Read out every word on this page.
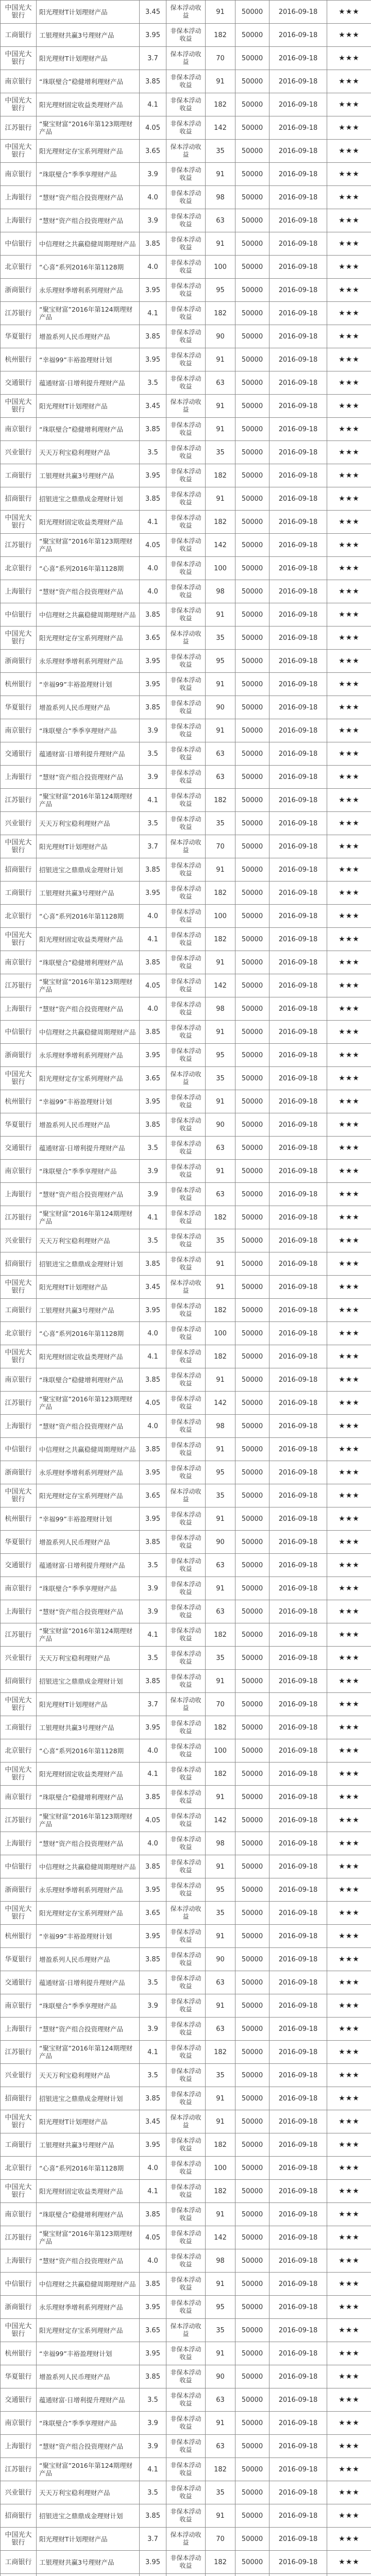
中国光大银行	阳光理财T计划理财产品	3.45	保本浮动收益	91	50000	2016-09-18	★★★
工商银行	工银理财共赢3号理财产品	3.95	非保本浮动收益	182	50000	2016-09-18	★★★
中国光大银行	阳光理财T计划理财产品	3.7	保本浮动收益	70	50000	2016-09-18	★★★
南京银行	“珠联璧合”稳健增利理财产品	3.85	非保本浮动收益	91	50000	2016-09-18	★★★
中国光大银行	阳光理财固定收益类理财产品	4.1	非保本浮动收益	182	50000	2016-09-18	★★★
江苏银行	“聚宝财富”2016年第123期理财产品	4.05	非保本浮动收益	142	50000	2016-09-18	★★★
中国光大银行	阳光理财定存宝系列理财产品	3.65	保本浮动收益	35	50000	2016-09-18	★★★
南京银行	“珠联璧合”季季享理财产品	3.9	非保本浮动收益	91	50000	2016-09-18	★★★
上海银行	“慧财”资产组合投资理财产品	4.0	非保本浮动收益	98	50000	2016-09-18	★★★
上海银行	“慧财”资产组合投资理财产品	3.9	非保本浮动收益	63	50000	2016-09-18	★★★
中信银行	中信理财之共赢稳健周期理财产品	3.85	非保本浮动收益	91	50000	2016-09-18	★★★
北京银行	“心喜”系列2016年第1128期	4.0	非保本浮动收益	100	50000	2016-09-18	★★★
浙商银行	永乐理财季增利系列理财产品	3.95	非保本浮动收益	95	50000	2016-09-18	★★★
江苏银行	“聚宝财富”2016年第124期理财产品	4.1	非保本浮动收益	182	50000	2016-09-18	★★★
华夏银行	增盈系列人民币理财产品	3.85	非保本浮动收益	90	50000	2016-09-18	★★★
杭州银行	“幸福99”丰裕盈理财计划	3.95	非保本浮动收益	91	50000	2016-09-18	★★★
交通银行	蕴通财富·日增利提升理财产品	3.5	非保本浮动收益	63	50000	2016-09-18	★★★
中国光大银行	阳光理财T计划理财产品	3.45	保本浮动收益	91	50000	2016-09-18	★★★
南京银行	“珠联璧合”稳健增利理财产品	3.85	非保本浮动收益	91	50000	2016-09-18	★★★
兴业银行	天天万利宝稳利理财产品	3.5	非保本浮动收益	35	50000	2016-09-18	★★★
工商银行	工银理财共赢3号理财产品	3.95	非保本浮动收益	182	50000	2016-09-18	★★★
招商银行	招银进宝之鼎鼎成金理财计划	3.85	非保本浮动收益	91	50000	2016-09-18	★★★
中国光大银行	阳光理财固定收益类理财产品	4.1	非保本浮动收益	182	50000	2016-09-18	★★★
江苏银行	“聚宝财富”2016年第123期理财产品	4.05	非保本浮动收益	142	50000	2016-09-18	★★★
北京银行	“心喜”系列2016年第1128期	4.0	非保本浮动收益	100	50000	2016-09-18	★★★
上海银行	“慧财”资产组合投资理财产品	4.0	非保本浮动收益	98	50000	2016-09-18	★★★
中信银行	中信理财之共赢稳健周期理财产品	3.85	非保本浮动收益	91	50000	2016-09-18	★★★
中国光大银行	阳光理财定存宝系列理财产品	3.65	保本浮动收益	35	50000	2016-09-18	★★★
浙商银行	永乐理财季增利系列理财产品	3.95	非保本浮动收益	95	50000	2016-09-18	★★★
杭州银行	“幸福99”丰裕盈理财计划	3.95	非保本浮动收益	91	50000	2016-09-18	★★★
华夏银行	增盈系列人民币理财产品	3.85	非保本浮动收益	90	50000	2016-09-18	★★★
南京银行	“珠联璧合”季季享理财产品	3.9	非保本浮动收益	91	50000	2016-09-18	★★★
交通银行	蕴通财富·日增利提升理财产品	3.5	非保本浮动收益	63	50000	2016-09-18	★★★
上海银行	“慧财”资产组合投资理财产品	3.9	非保本浮动收益	63	50000	2016-09-18	★★★
江苏银行	“聚宝财富”2016年第124期理财产品	4.1	非保本浮动收益	182	50000	2016-09-18	★★★
兴业银行	天天万利宝稳利理财产品	3.5	非保本浮动收益	35	50000	2016-09-18	★★★
中国光大银行	阳光理财T计划理财产品	3.7	保本浮动收益	70	50000	2016-09-18	★★★
招商银行	招银进宝之鼎鼎成金理财计划	3.85	非保本浮动收益	91	50000	2016-09-18	★★★
工商银行	工银理财共赢3号理财产品	3.95	非保本浮动收益	182	50000	2016-09-18	★★★
北京银行	“心喜”系列2016年第1128期	4.0	非保本浮动收益	100	50000	2016-09-18	★★★
中国光大银行	阳光理财固定收益类理财产品	4.1	非保本浮动收益	182	50000	2016-09-18	★★★
南京银行	“珠联璧合”稳健增利理财产品	3.85	非保本浮动收益	91	50000	2016-09-18	★★★
江苏银行	“聚宝财富”2016年第123期理财产品	4.05	非保本浮动收益	142	50000	2016-09-18	★★★
上海银行	“慧财”资产组合投资理财产品	4.0	非保本浮动收益	98	50000	2016-09-18	★★★
中信银行	中信理财之共赢稳健周期理财产品	3.85	非保本浮动收益	91	50000	2016-09-18	★★★
浙商银行	永乐理财季增利系列理财产品	3.95	非保本浮动收益	95	50000	2016-09-18	★★★
中国光大银行	阳光理财定存宝系列理财产品	3.65	保本浮动收益	35	50000	2016-09-18	★★★
杭州银行	“幸福99”丰裕盈理财计划	3.95	非保本浮动收益	91	50000	2016-09-18	★★★
华夏银行	增盈系列人民币理财产品	3.85	非保本浮动收益	90	50000	2016-09-18	★★★
交通银行	蕴通财富·日增利提升理财产品	3.5	非保本浮动收益	63	50000	2016-09-18	★★★
南京银行	“珠联璧合”季季享理财产品	3.9	非保本浮动收益	91	50000	2016-09-18	★★★
上海银行	“慧财”资产组合投资理财产品	3.9	非保本浮动收益	63	50000	2016-09-18	★★★
江苏银行	“聚宝财富”2016年第124期理财产品	4.1	非保本浮动收益	182	50000	2016-09-18	★★★
兴业银行	天天万利宝稳利理财产品	3.5	非保本浮动收益	35	50000	2016-09-18	★★★
招商银行	招银进宝之鼎鼎成金理财计划	3.85	非保本浮动收益	91	50000	2016-09-18	★★★
中国光大银行	阳光理财T计划理财产品	3.45	保本浮动收益	91	50000	2016-09-18	★★★
工商银行	工银理财共赢3号理财产品	3.95	非保本浮动收益	182	50000	2016-09-18	★★★
北京银行	“心喜”系列2016年第1128期	4.0	非保本浮动收益	100	50000	2016-09-18	★★★
中国光大银行	阳光理财固定收益类理财产品	4.1	非保本浮动收益	182	50000	2016-09-18	★★★
南京银行	“珠联璧合”稳健增利理财产品	3.85	非保本浮动收益	91	50000	2016-09-18	★★★
江苏银行	“聚宝财富”2016年第123期理财产品	4.05	非保本浮动收益	142	50000	2016-09-18	★★★
上海银行	“慧财”资产组合投资理财产品	4.0	非保本浮动收益	98	50000	2016-09-18	★★★
中信银行	中信理财之共赢稳健周期理财产品	3.85	非保本浮动收益	91	50000	2016-09-18	★★★
浙商银行	永乐理财季增利系列理财产品	3.95	非保本浮动收益	95	50000	2016-09-18	★★★
中国光大银行	阳光理财定存宝系列理财产品	3.65	保本浮动收益	35	50000	2016-09-18	★★★
杭州银行	“幸福99”丰裕盈理财计划	3.95	非保本浮动收益	91	50000	2016-09-18	★★★
华夏银行	增盈系列人民币理财产品	3.85	非保本浮动收益	90	50000	2016-09-18	★★★
交通银行	蕴通财富·日增利提升理财产品	3.5	非保本浮动收益	63	50000	2016-09-18	★★★
南京银行	“珠联璧合”季季享理财产品	3.9	非保本浮动收益	91	50000	2016-09-18	★★★
上海银行	“慧财”资产组合投资理财产品	3.9	非保本浮动收益	63	50000	2016-09-18	★★★
江苏银行	“聚宝财富”2016年第124期理财产品	4.1	非保本浮动收益	182	50000	2016-09-18	★★★
兴业银行	天天万利宝稳利理财产品	3.5	非保本浮动收益	35	50000	2016-09-18	★★★
招商银行	招银进宝之鼎鼎成金理财计划	3.85	非保本浮动收益	91	50000	2016-09-18	★★★
中国光大银行	阳光理财T计划理财产品	3.7	保本浮动收益	70	50000	2016-09-18	★★★
工商银行	工银理财共赢3号理财产品	3.95	非保本浮动收益	182	50000	2016-09-18	★★★
北京银行	“心喜”系列2016年第1128期	4.0	非保本浮动收益	100	50000	2016-09-18	★★★
中国光大银行	阳光理财固定收益类理财产品	4.1	非保本浮动收益	182	50000	2016-09-18	★★★
南京银行	“珠联璧合”稳健增利理财产品	3.85	非保本浮动收益	91	50000	2016-09-18	★★★
江苏银行	“聚宝财富”2016年第123期理财产品	4.05	非保本浮动收益	142	50000	2016-09-18	★★★
上海银行	“慧财”资产组合投资理财产品	4.0	非保本浮动收益	98	50000	2016-09-18	★★★
中信银行	中信理财之共赢稳健周期理财产品	3.85	非保本浮动收益	91	50000	2016-09-18	★★★
浙商银行	永乐理财季增利系列理财产品	3.95	非保本浮动收益	95	50000	2016-09-18	★★★
中国光大银行	阳光理财定存宝系列理财产品	3.65	保本浮动收益	35	50000	2016-09-18	★★★
杭州银行	“幸福99”丰裕盈理财计划	3.95	非保本浮动收益	91	50000	2016-09-18	★★★
华夏银行	增盈系列人民币理财产品	3.85	非保本浮动收益	90	50000	2016-09-18	★★★
交通银行	蕴通财富·日增利提升理财产品	3.5	非保本浮动收益	63	50000	2016-09-18	★★★
南京银行	“珠联璧合”季季享理财产品	3.9	非保本浮动收益	91	50000	2016-09-18	★★★
上海银行	“慧财”资产组合投资理财产品	3.9	非保本浮动收益	63	50000	2016-09-18	★★★
江苏银行	“聚宝财富”2016年第124期理财产品	4.1	非保本浮动收益	182	50000	2016-09-18	★★★
兴业银行	天天万利宝稳利理财产品	3.5	非保本浮动收益	35	50000	2016-09-18	★★★
招商银行	招银进宝之鼎鼎成金理财计划	3.85	非保本浮动收益	91	50000	2016-09-18	★★★
中国光大银行	阳光理财T计划理财产品	3.45	保本浮动收益	91	50000	2016-09-18	★★★
工商银行	工银理财共赢3号理财产品	3.95	非保本浮动收益	182	50000	2016-09-18	★★★
北京银行	“心喜”系列2016年第1128期	4.0	非保本浮动收益	100	50000	2016-09-18	★★★
中国光大银行	阳光理财固定收益类理财产品	4.1	非保本浮动收益	182	50000	2016-09-18	★★★
南京银行	“珠联璧合”稳健增利理财产品	3.85	非保本浮动收益	91	50000	2016-09-18	★★★
江苏银行	“聚宝财富”2016年第123期理财产品	4.05	非保本浮动收益	142	50000	2016-09-18	★★★
上海银行	“慧财”资产组合投资理财产品	4.0	非保本浮动收益	98	50000	2016-09-18	★★★
中信银行	中信理财之共赢稳健周期理财产品	3.85	非保本浮动收益	91	50000	2016-09-18	★★★
浙商银行	永乐理财季增利系列理财产品	3.95	非保本浮动收益	95	50000	2016-09-18	★★★
中国光大银行	阳光理财定存宝系列理财产品	3.65	保本浮动收益	35	50000	2016-09-18	★★★
杭州银行	“幸福99”丰裕盈理财计划	3.95	非保本浮动收益	91	50000	2016-09-18	★★★
华夏银行	增盈系列人民币理财产品	3.85	非保本浮动收益	90	50000	2016-09-18	★★★
交通银行	蕴通财富·日增利提升理财产品	3.5	非保本浮动收益	63	50000	2016-09-18	★★★
南京银行	“珠联璧合”季季享理财产品	3.9	非保本浮动收益	91	50000	2016-09-18	★★★
上海银行	“慧财”资产组合投资理财产品	3.9	非保本浮动收益	63	50000	2016-09-18	★★★
江苏银行	“聚宝财富”2016年第124期理财产品	4.1	非保本浮动收益	182	50000	2016-09-18	★★★
兴业银行	天天万利宝稳利理财产品	3.5	非保本浮动收益	35	50000	2016-09-18	★★★
招商银行	招银进宝之鼎鼎成金理财计划	3.85	非保本浮动收益	91	50000	2016-09-18	★★★
中国光大银行	阳光理财T计划理财产品	3.7	保本浮动收益	70	50000	2016-09-18	★★★
工商银行	工银理财共赢3号理财产品	3.95	非保本浮动收益	182	50000	2016-09-18	★★★
